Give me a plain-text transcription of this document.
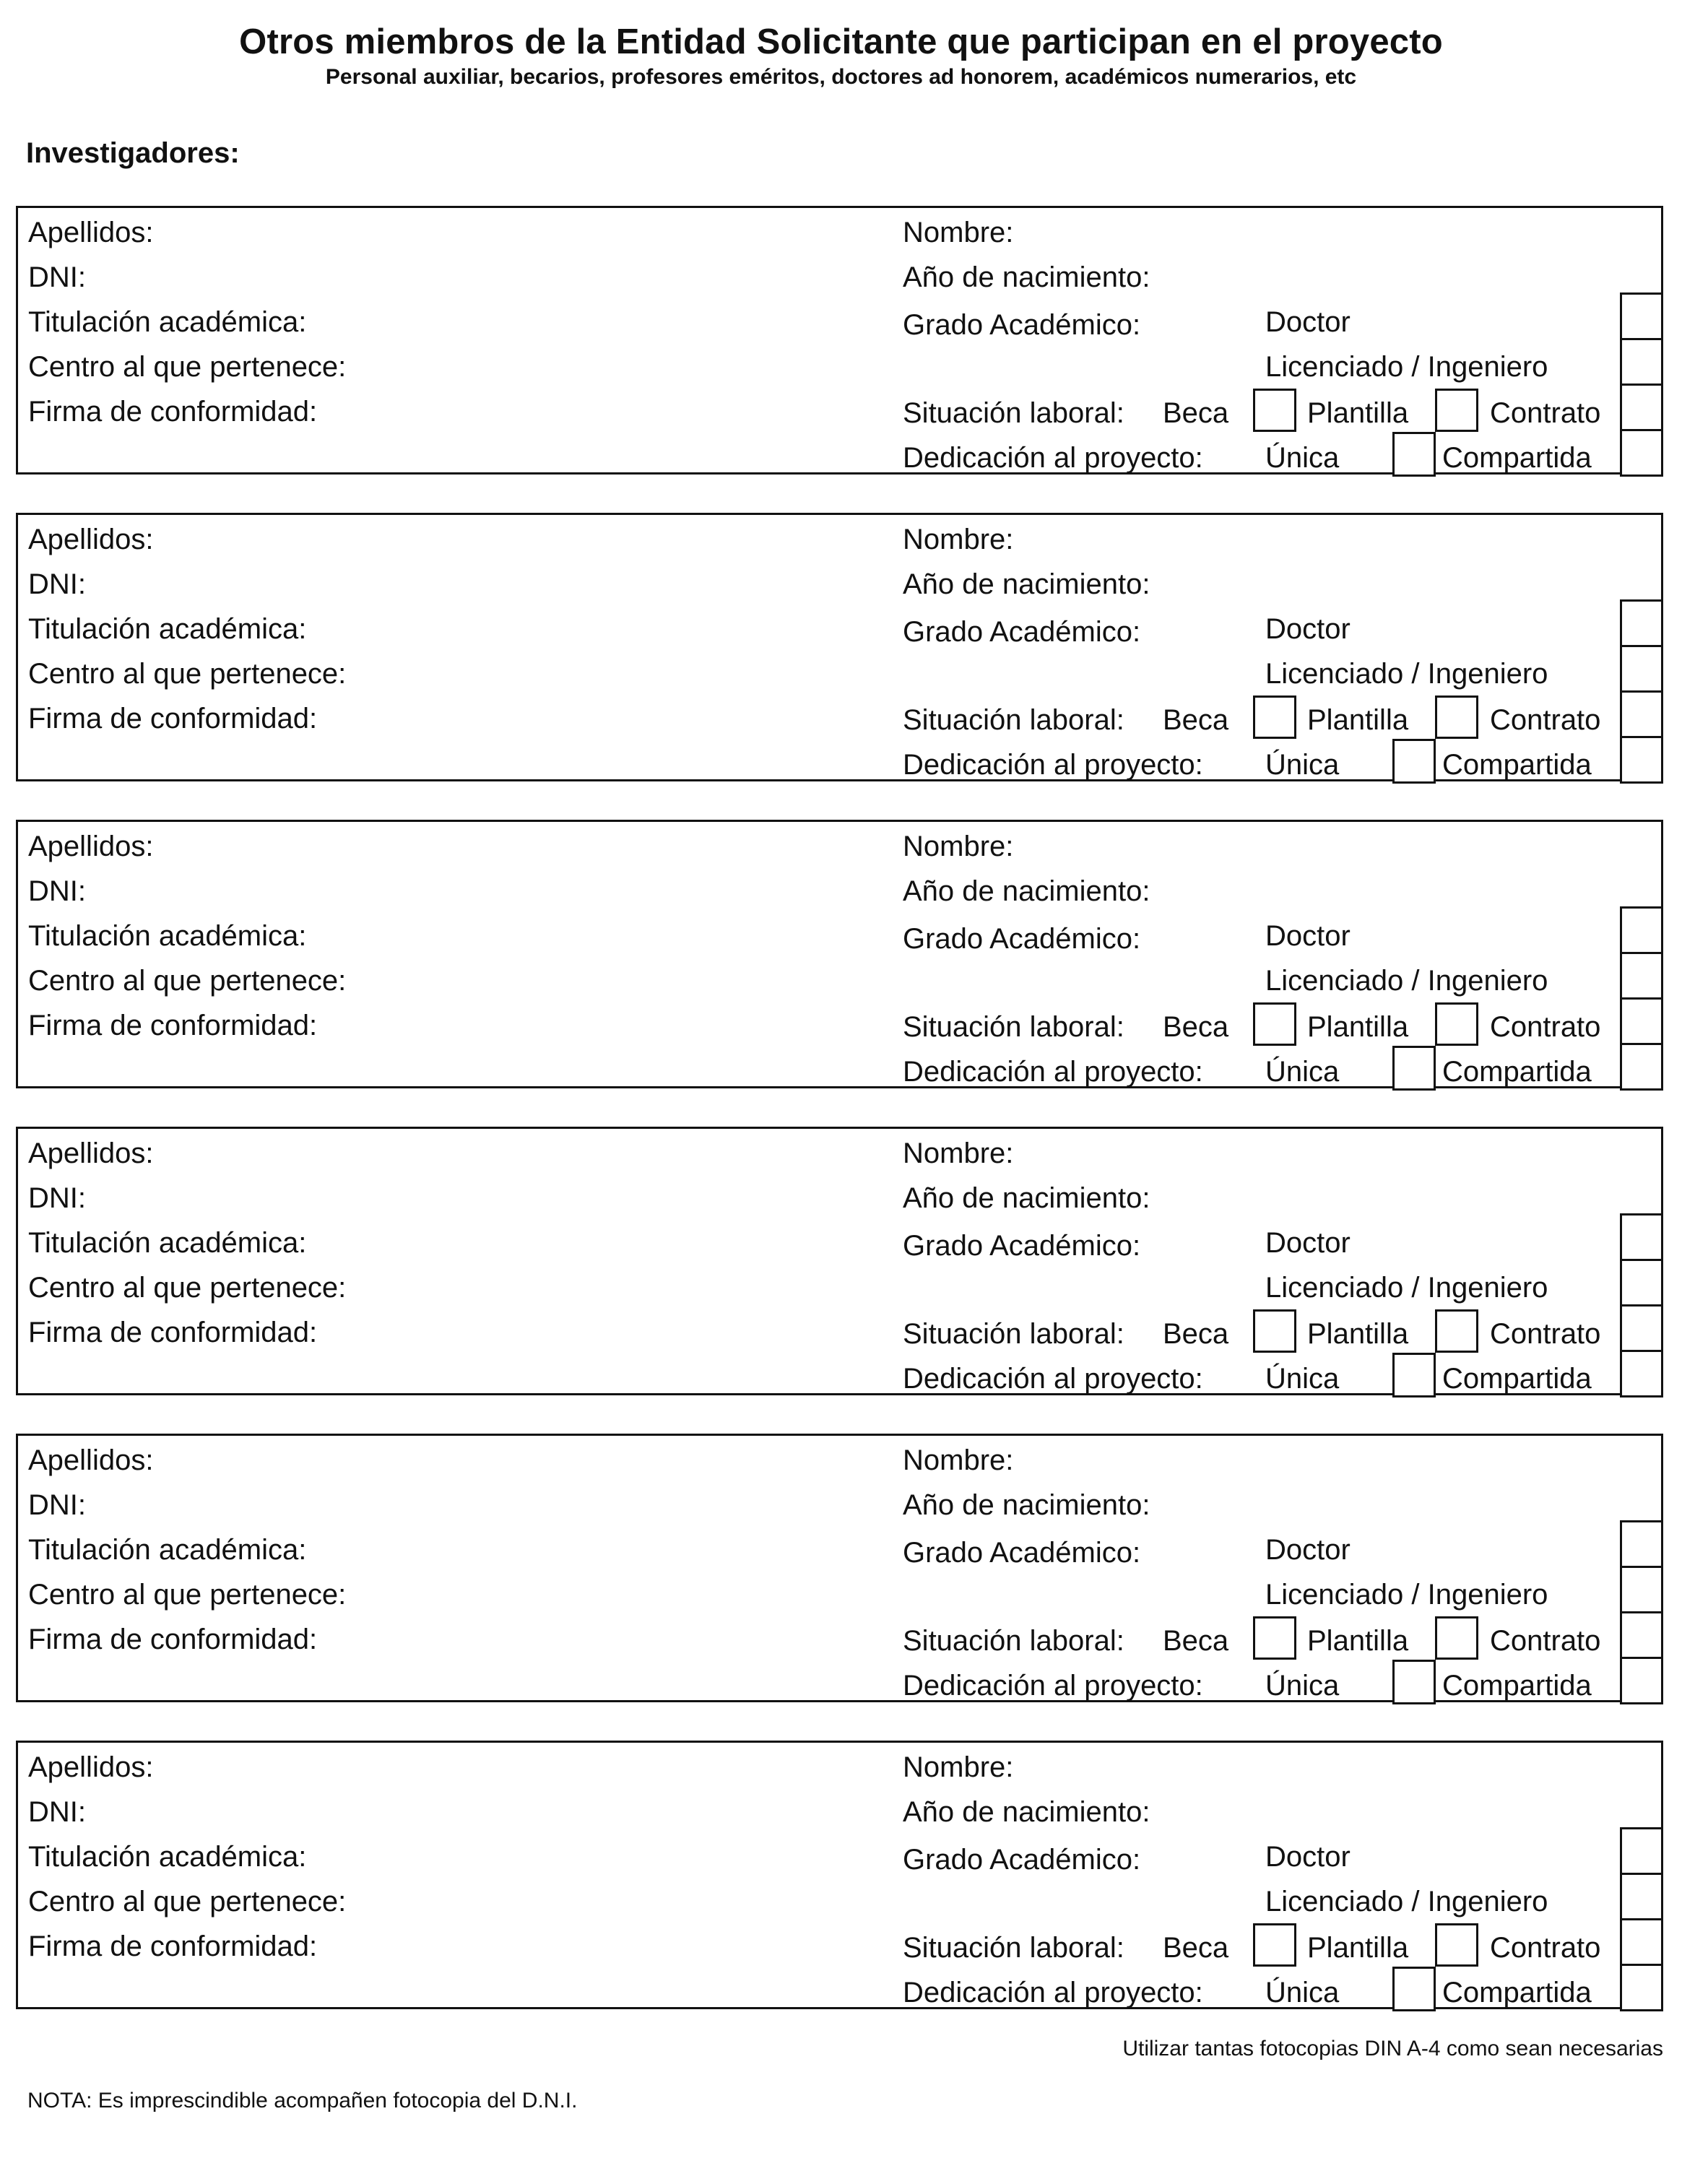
Otros miembros de la Entidad Solicitante que participan en el proyecto
Personal auxiliar, becarios, profesores eméritos, doctores ad honorem, académicos numerarios, etc
Investigadores:
Apellidos:
DNI:
Titulación académica:
Centro al que pertenece:
Firma de conformidad:
Nombre:
Año de nacimiento:
Grado Académico:	Doctor
Licenciado / Ingeniero
Situación laboral: Beca	Plantilla	Contrato
Dedicación al proyecto: Única	Compartida
Apellidos:
DNI:
Titulación académica:
Centro al que pertenece:
Firma de conformidad:
Nombre:
Año de nacimiento:
Grado Académico:	Doctor
Licenciado / Ingeniero
Situación laboral: Beca	Plantilla	Contrato
Dedicación al proyecto: Única	Compartida
Apellidos:
DNI:
Titulación académica:
Centro al que pertenece:
Firma de conformidad:
Nombre:
Año de nacimiento:
Grado Académico:	Doctor
Licenciado / Ingeniero
Situación laboral: Beca	Plantilla	Contrato
Dedicación al proyecto: Única	Compartida
Apellidos:
DNI:
Titulación académica:
Centro al que pertenece:
Firma de conformidad:
Nombre:
Año de nacimiento:
Grado Académico:	Doctor
Licenciado / Ingeniero
Situación laboral: Beca	Plantilla	Contrato
Dedicación al proyecto: Única	Compartida
Apellidos:
DNI:
Titulación académica:
Centro al que pertenece:
Firma de conformidad:
Nombre:
Año de nacimiento:
Grado Académico:	Doctor
Licenciado / Ingeniero
Situación laboral: Beca	Plantilla	Contrato
Dedicación al proyecto: Única	Compartida
Apellidos:
DNI:
Titulación académica:
Centro al que pertenece:
Firma de conformidad:
Nombre:
Año de nacimiento:
Grado Académico:	Doctor
Licenciado / Ingeniero
Situación laboral: Beca	Plantilla	Contrato
Dedicación al proyecto: Única	Compartida
Utilizar tantas fotocopias DIN A-4 como sean necesarias
NOTA: Es imprescindible acompañen fotocopia del D.N.I.
